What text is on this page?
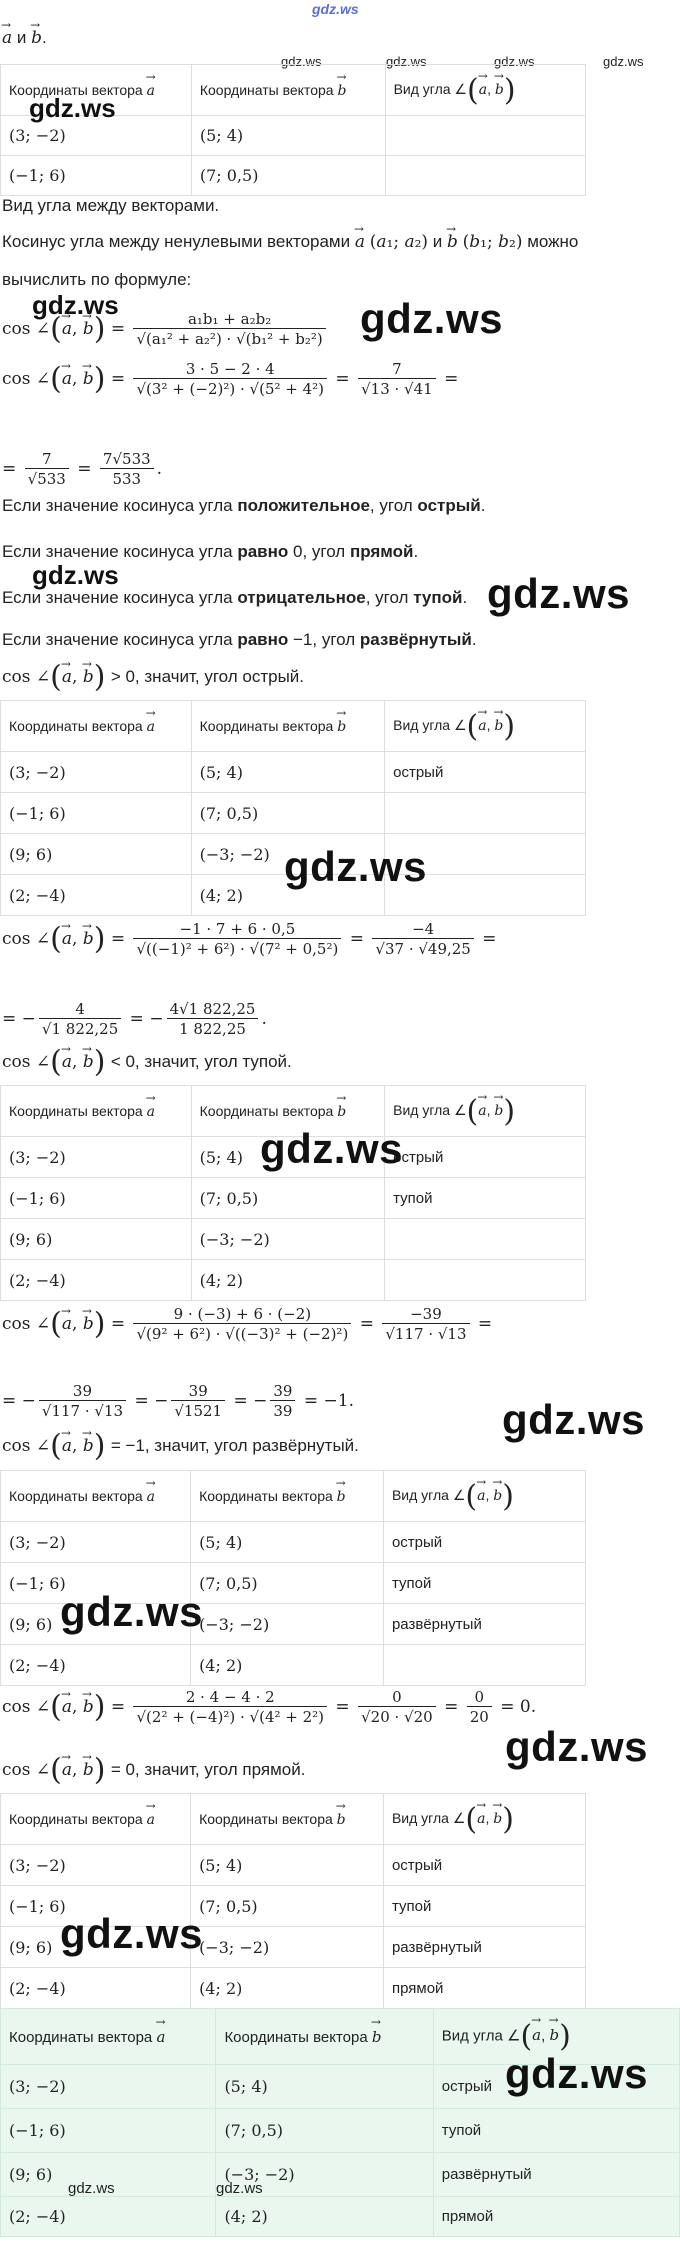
gdz.ws
→ a и → b.
gdz.ws	gdz.ws	gdz.ws	gdz.ws
Координаты вектора → a	Координаты вектора → b	Вид угла ∠(→ a, → b)
(3; −2)	(5; 4)	
(−1; 6)	(7; 0,5)	
gdz.ws
Вид угла между векторами.
Косинус угла между ненулевыми векторами → a (a₁; a₂) и → b (b₁; b₂) можно
вычислить по формуле:
gdz.ws
cos ∠(→ a, → $b) = \frac{\text{a₁b₁ + a₂b₂}}{\text{√(a₁² + a₂²) · √(b₁² + b₂²)}} gdz.ws$
cos ∠(→ a, → $b) = \frac{3 \cdot 5 - 2 \cdot 4}{\text{√(3² + (−2)²) · √(5² + 4²)}} = \frac{7}{√13 \cdot √41}$ =
= $\frac{7}{√533} = \frac{7√533}{533}$ .
Если значение косинуса угла положительное, угол острый.
Если значение косинуса угла равно 0, угол прямой.
gdz.ws
Если значение косинуса угла отрицательное, угол тупой. gdz.ws
Если значение косинуса угла равно −1, угол развёрнутый.
cos ∠(→ a, → b) > 0, значит, угол острый.
Координаты вектора → a	Координаты вектора → b	Вид угла ∠(→ a, → b)
(3; −2)	(5; 4)	острый
(−1; 6)	(7; 0,5)	
(9; 6)	(−3; −2)	
(2; −4)	(4; 2)	
gdz.ws
cos ∠(→ a, → $b) = \frac{-1 \cdot 7 + 6 \cdot 0,5}{\text{√((−1)² + 6²) · √(7² + 0,5²)}} = \frac{-4}{√37 \cdot √49,25}$ =
= − $\frac{4}{√1 822,25}$ = − $\frac{4√1 822,25}{1 822,25}$ .
cos ∠(→ a, → b) < 0, значит, угол тупой.
Координаты вектора → a	Координаты вектора → b	Вид угла ∠(→ a, → b)
(3; −2)	(5; 4)	острый
(−1; 6)	(7; 0,5)	тупой
(9; 6)	(−3; −2)	
(2; −4)	(4; 2)	
gdz.ws
cos ∠(→ a, → $b) = \frac{9 \cdot (-3) + 6 \cdot (-2)}{\text{√(9² + 6²) · √((−3)² + (−2)²)}} = \frac{-39}{√117 \cdot √13}$ =
= − $\frac{39}{√117 \cdot √13}$ = − $\frac{39}{√1521}$ = − $\frac{39}{39} = -1$.	gdz.ws
cos ∠(→ a, → b) = −1, значит, угол развёрнутый.
Координаты вектора → a	Координаты вектора → b	Вид угла ∠(→ a, → b)
(3; −2)	(5; 4)	острый
(−1; 6)	(7; 0,5)	тупой
(9; 6)	(−3; −2)	развёрнутый
(2; −4)	(4; 2)	
gdz.ws
cos ∠(→ a, → $b) = \frac{2 \cdot 4 - 4 \cdot 2}{\text{√(2² + (−4)²) · √(4² + 2²)}} = \frac{0}{√20 \cdot √20} = \frac{0}{20} = 0$.
gdz.ws
cos ∠(→ a, → b) = 0, значит, угол прямой.
Координаты вектора → a	Координаты вектора → b	Вид угла ∠(→ a, → b)
(3; −2)	(5; 4)	острый
(−1; 6)	(7; 0,5)	тупой
(9; 6)	(−3; −2)	развёрнутый
(2; −4)	(4; 2)	прямой
gdz.ws
Координаты вектора → a	Координаты вектора → b	Вид угла ∠(→ a, → b)
(3; −2)	(5; 4)	острый
(−1; 6)	(7; 0,5)	тупой
(9; 6)	(−3; −2)	развёрнутый
(2; −4)	(4; 2)	прямой
gdz.ws
gdz.ws	gdz.ws
